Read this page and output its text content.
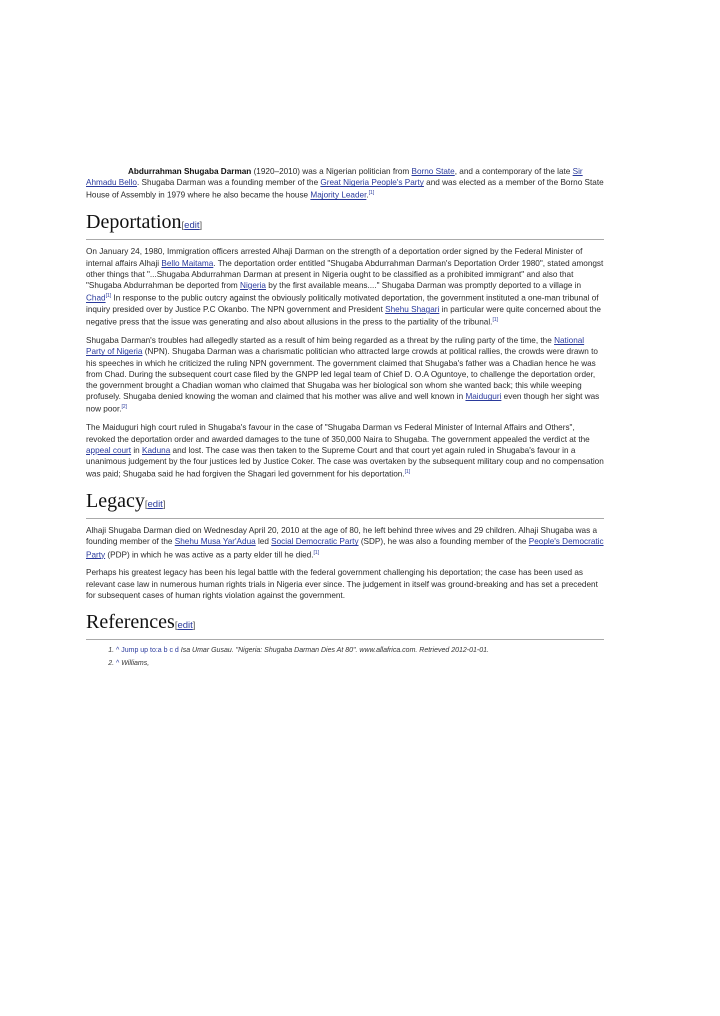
Abdurrahman Shugaba Darman (1920–2010) was a Nigerian politician from Borno State, and a contemporary of the late Sir Ahmadu Bello. Shugaba Darman was a founding member of the Great Nigeria People's Party and was elected as a member of the Borno State House of Assembly in 1979 where he also became the house Majority Leader.[1]

Deportation[edit]

On January 24, 1980, Immigration officers arrested Alhaji Darman on the strength of a deportation order signed by the Federal Minister of internal affairs Alhaji Bello Maitama. The deportation order entitled "Shugaba Abdurrahman Darman's Deportation Order 1980", stated amongst other things that "...Shugaba Abdurrahman Darman at present in Nigeria ought to be classified as a prohibited immigrant" and also that "Shugaba Abdurrahman be deported from Nigeria by the first available means...." Shugaba Darman was promptly deported to a village in Chad[1] In response to the public outcry against the obviously politically motivated deportation, the government instituted a one-man tribunal of inquiry presided over by Justice P.C Okanbo. The NPN government and President Shehu Shagari in particular were quite concerned about the negative press that the issue was generating and also about allusions in the press to the partiality of the tribunal.[1]

Shugaba Darman's troubles had allegedly started as a result of him being regarded as a threat by the ruling party of the time, the National Party of Nigeria (NPN). Shugaba Darman was a charismatic politician who attracted large crowds at political rallies, the crowds were drawn to his speeches in which he criticized the ruling NPN government. The government claimed that Shugaba's father was a Chadian hence he was from Chad. During the subsequent court case filed by the GNPP led legal team of Chief D. O.A Oguntoye, to challenge the deportation order, the government brought a Chadian woman who claimed that Shugaba was her biological son whom she wanted back; this while weeping profusely. Shugaba denied knowing the woman and claimed that his mother was alive and well known in Maiduguri even though her sight was now poor.[2]

The Maiduguri high court ruled in Shugaba's favour in the case of "Shugaba Darman vs Federal Minister of Internal Affairs and Others", revoked the deportation order and awarded damages to the tune of 350,000 Naira to Shugaba. The government appealed the verdict at the appeal court in Kaduna and lost. The case was then taken to the Supreme Court and that court yet again ruled in Shugaba's favour in a unanimous judgement by the four justices led by Justice Coker. The case was overtaken by the subsequent military coup and no compensation was paid; Shugaba said he had forgiven the Shagari led government for his deportation.[1]

Legacy[edit]

Alhaji Shugaba Darman died on Wednesday April 20, 2010 at the age of 80, he left behind three wives and 29 children. Alhaji Shugaba was a founding member of the Shehu Musa Yar'Adua led Social Democratic Party (SDP), he was also a founding member of the People's Democratic Party (PDP) in which he was active as a party elder till he died.[1]

Perhaps his greatest legacy has been his legal battle with the federal government challenging his deportation; the case has been used as relevant case law in numerous human rights trials in Nigeria ever since. The judgement in itself was ground-breaking and has set a precedent for subsequent cases of human rights violation against the government.

References[edit]
1. ^ Jump up to:a b c d Isa Umar Gusau. "Nigeria: Shugaba Darman Dies At 80". www.allafrica.com. Retrieved 2012-01-01.
2. ^ Williams,
